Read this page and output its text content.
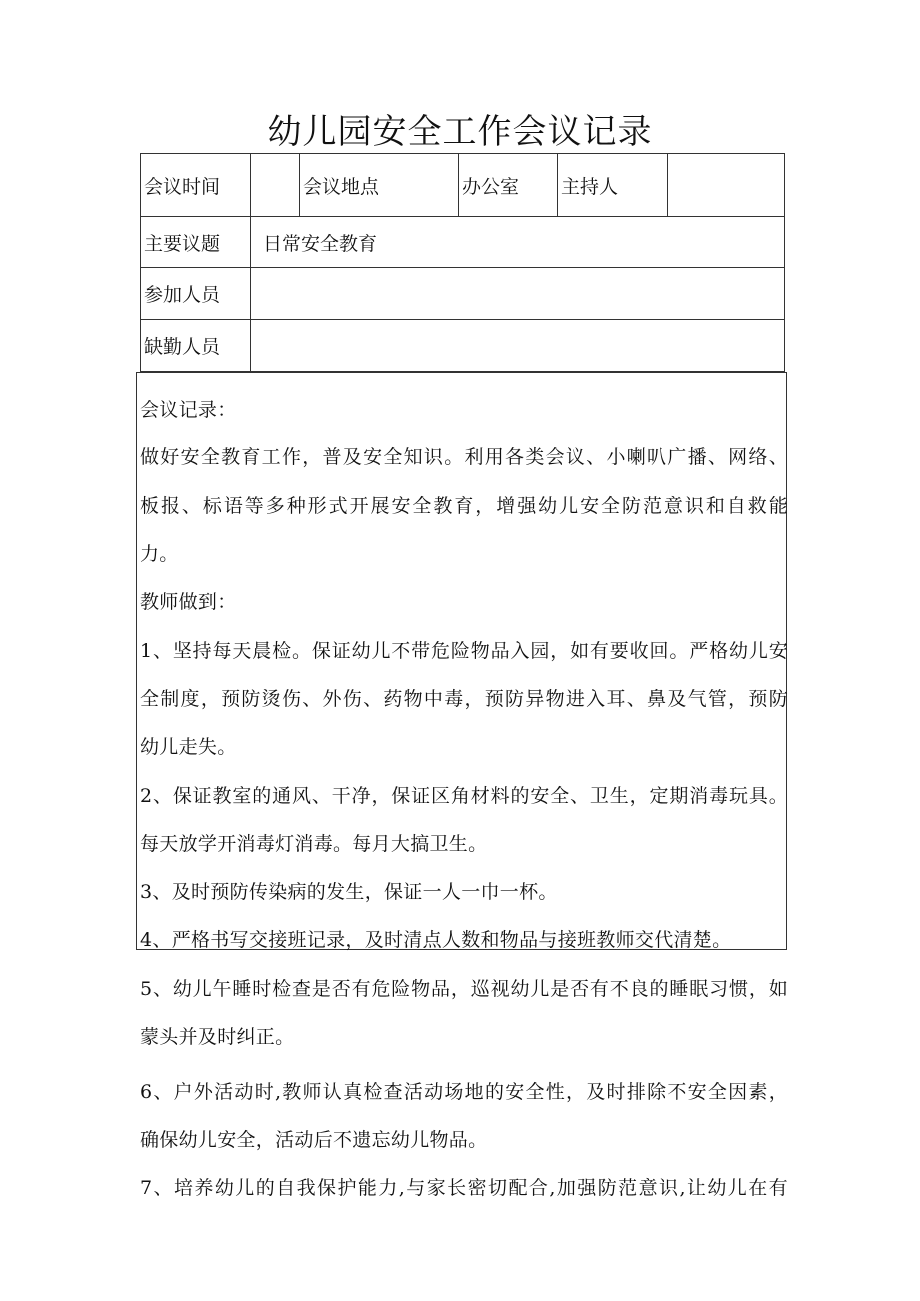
幼儿园安全工作会议记录
会议时间		会议地点	办公室	主持人	
主要议题	日常安全教育				
参加人员					
缺勤人员					
会议记录：
做好安全教育工作，普及安全知识。利用各类会议、小喇叭广播、网络、
板报、标语等多种形式开展安全教育，增强幼儿安全防范意识和自救能
力。
教师做到：
1、坚持每天晨检。保证幼儿不带危险物品入园，如有要收回。严格幼儿安
全制度，预防烫伤、外伤、药物中毒，预防异物进入耳、鼻及气管，预防
幼儿走失。
2、保证教室的通风、干净，保证区角材料的安全、卫生，定期消毒玩具。
每天放学开消毒灯消毒。每月大搞卫生。
3、及时预防传染病的发生，保证一人一巾一杯。
4、严格书写交接班记录，及时清点人数和物品与接班教师交代清楚。
5、幼儿午睡时检查是否有危险物品，巡视幼儿是否有不良的睡眠习惯，如
蒙头并及时纠正。
6、户外活动时,教师认真检查活动场地的安全性，及时排除不安全因素，
确保幼儿安全，活动后不遗忘幼儿物品。
7、培养幼儿的自我保护能力,与家长密切配合,加强防范意识,让幼儿在有
